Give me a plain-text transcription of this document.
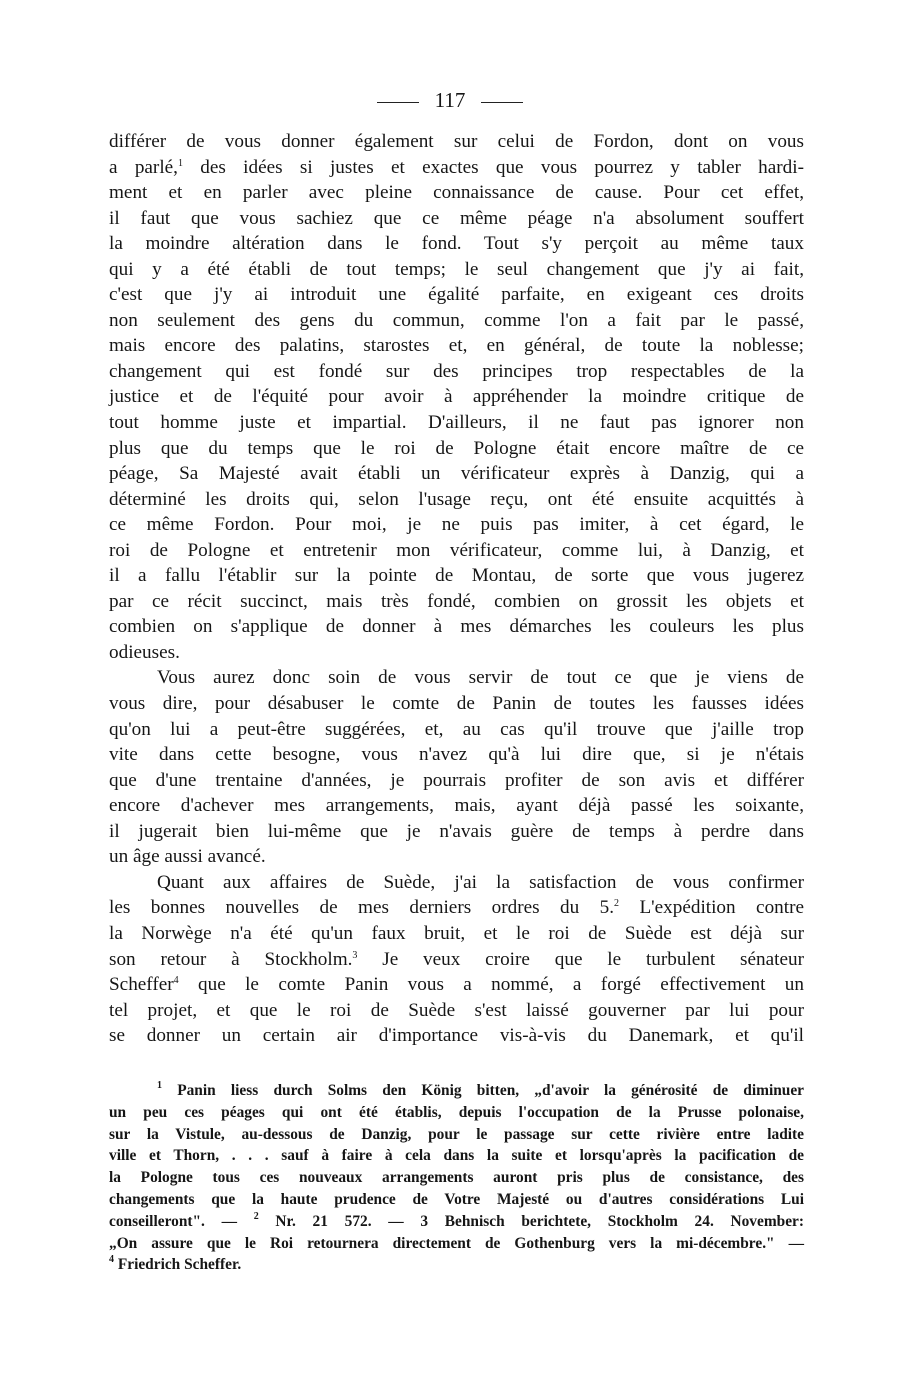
117
différer de vous donner également sur celui de Fordon, dont on vous
a parlé,$^1$ des idées si justes et exactes que vous pourrez y tabler hardi-
ment et en parler avec pleine connaissance de cause. Pour cet effet,
il faut que vous sachiez que ce même péage n'a absolument souffert
la moindre altération dans le fond. Tout s'y perçoit au même taux
qui y a été établi de tout temps; le seul changement que j'y ai fait,
c'est que j'y ai introduit une égalité parfaite, en exigeant ces droits
non seulement des gens du commun, comme l'on a fait par le passé,
mais encore des palatins, starostes et, en général, de toute la noblesse;
changement qui est fondé sur des principes trop respectables de la
justice et de l'équité pour avoir à appréhender la moindre critique de
tout homme juste et impartial. D'ailleurs, il ne faut pas ignorer non
plus que du temps que le roi de Pologne était encore maître de ce
péage, Sa Majesté avait établi un vérificateur exprès à Danzig, qui a
déterminé les droits qui, selon l'usage reçu, ont été ensuite acquittés à
ce même Fordon. Pour moi, je ne puis pas imiter, à cet égard, le
roi de Pologne et entretenir mon vérificateur, comme lui, à Danzig, et
il a fallu l'établir sur la pointe de Montau, de sorte que vous jugerez
par ce récit succinct, mais très fondé, combien on grossit les objets et
combien on s'applique de donner à mes démarches les couleurs les plus
odieuses.
Vous aurez donc soin de vous servir de tout ce que je viens de
vous dire, pour désabuser le comte de Panin de toutes les fausses idées
qu'on lui a peut-être suggérées, et, au cas qu'il trouve que j'aille trop
vite dans cette besogne, vous n'avez qu'à lui dire que, si je n'étais
que d'une trentaine d'années, je pourrais profiter de son avis et différer
encore d'achever mes arrangements, mais, ayant déjà passé les soixante,
il jugerait bien lui-même que je n'avais guère de temps à perdre dans
un âge aussi avancé.
Quant aux affaires de Suède, j'ai la satisfaction de vous confirmer
les bonnes nouvelles de mes derniers ordres du 5.$^2$ L'expédition contre
la Norwège n'a été qu'un faux bruit, et le roi de Suède est déjà sur
son retour à Stockholm.$^3$ Je veux croire que le turbulent sénateur
Scheffer$^4$ que le comte Panin vous a nommé, a forgé effectivement un
tel projet, et que le roi de Suède s'est laissé gouverner par lui pour
se donner un certain air d'importance vis-à-vis du Danemark, et qu'il
$^1$ Panin liess durch Solms den König bitten, „d'avoir la générosité de diminuer
un peu ces péages qui ont été établis, depuis l'occupation de la Prusse polonaise,
sur la Vistule, au-dessous de Danzig, pour le passage sur cette rivière entre ladite
ville et Thorn, . . . sauf à faire à cela dans la suite et lorsqu'après la pacification de
la Pologne tous ces nouveaux arrangements auront pris plus de consistance, des
changements que la haute prudence de Votre Majesté ou d'autres considérations Lui
conseilleront". — $^2$ Nr. 21 572. — 3 Behnisch berichtete, Stockholm 24. November:
„On assure que le Roi retournera directement de Gothenburg vers la mi-décembre." —
$^4$ Friedrich Scheffer.
